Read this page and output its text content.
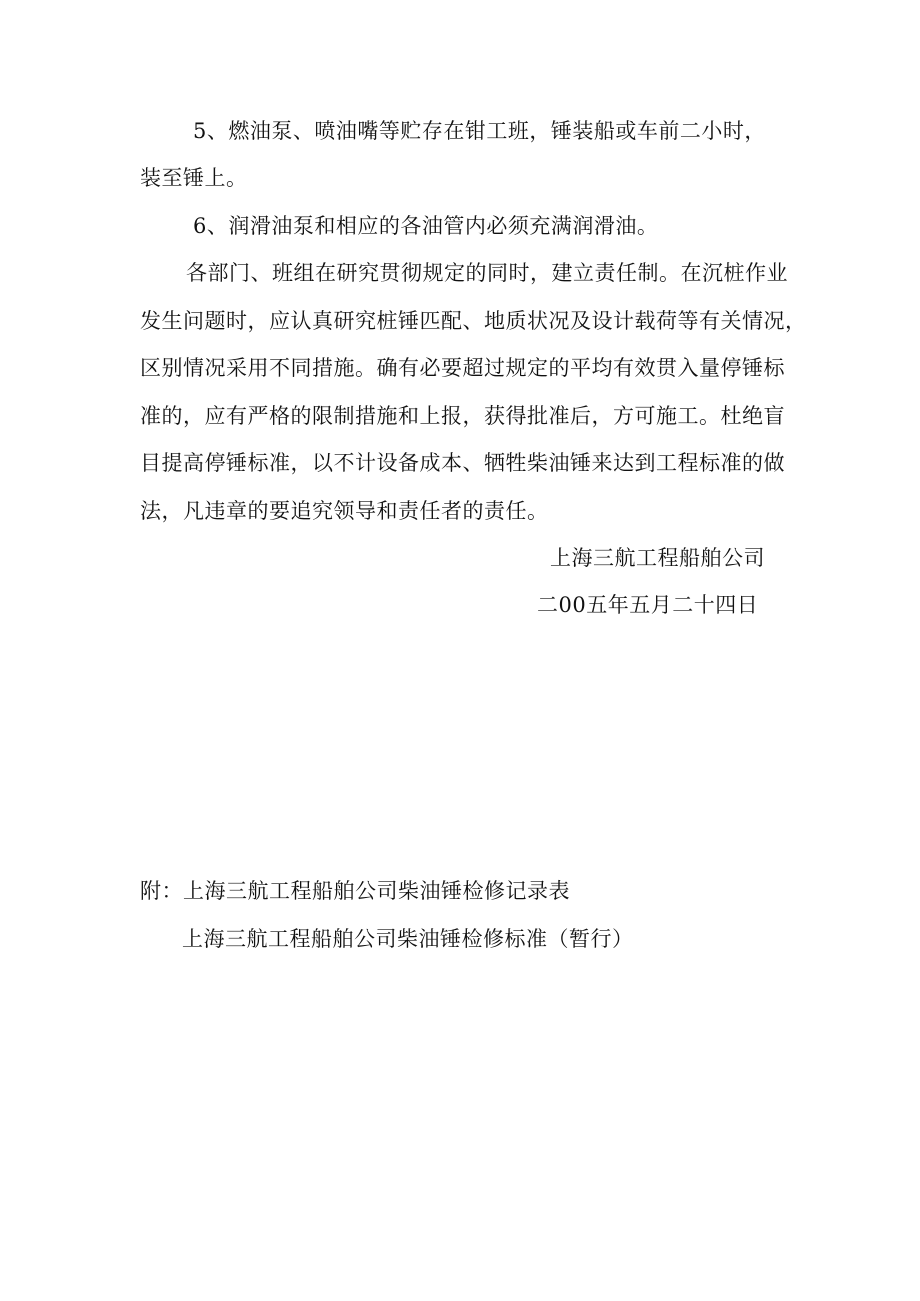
5、燃油泵、喷油嘴等贮存在钳工班，锤装船或车前二小时，
装至锤上。
6、润滑油泵和相应的各油管内必须充满润滑油。
各部门、班组在研究贯彻规定的同时，建立责任制。在沉桩作业
发生问题时，应认真研究桩锤匹配、地质状况及设计载荷等有关情况，
区别情况采用不同措施。确有必要超过规定的平均有效贯入量停锤标
准的，应有严格的限制措施和上报，获得批准后，方可施工。杜绝盲
目提高停锤标准，以不计设备成本、牺牲柴油锤来达到工程标准的做
法，凡违章的要追究领导和责任者的责任。
上海三航工程船舶公司
二00五年五月二十四日
附：上海三航工程船舶公司柴油锤检修记录表
上海三航工程船舶公司柴油锤检修标准（暂行）
